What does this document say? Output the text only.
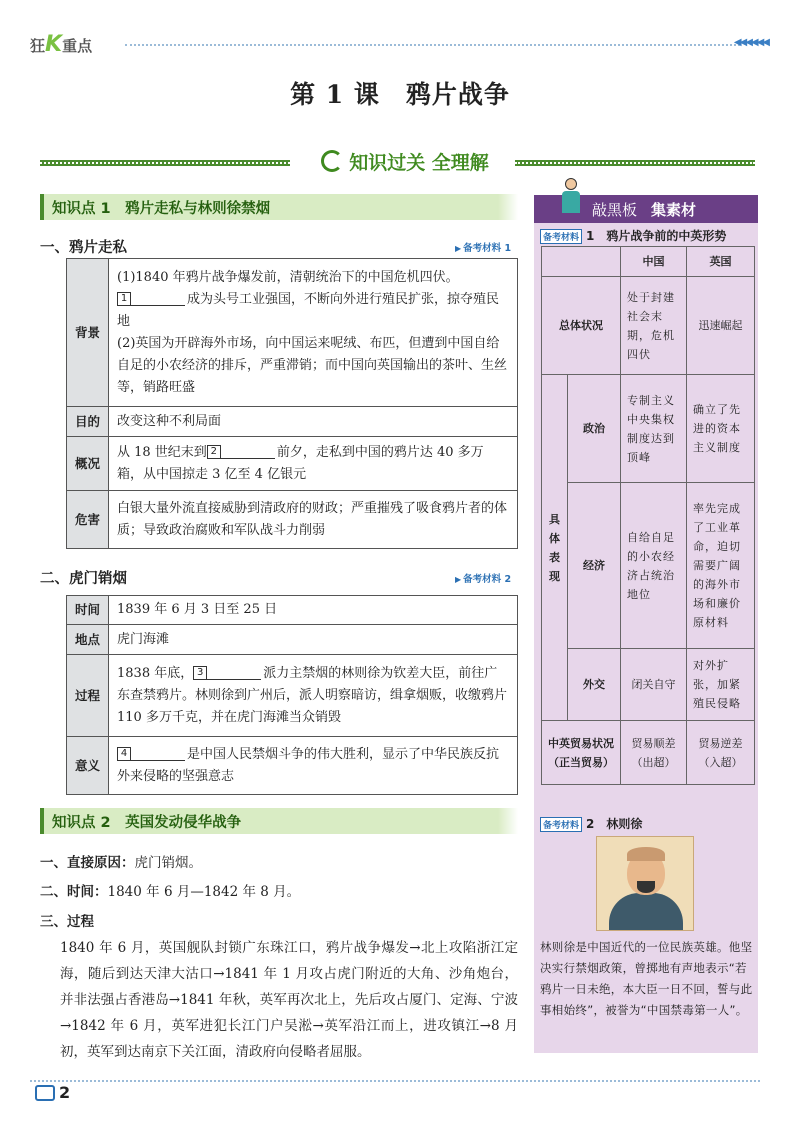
狂K重点	◀◀◀◀◀◀
第 1 课　鸦片战争
知识过关 全理解
知识点 1　鸦片走私与林则徐禁烟
一、鸦片走私	▶ 备考材料 1
背景	(1)1840 年鸦片战争爆发前，清朝统治下的中国危机四伏。
1 成为头号工业强国，不断向外进行殖民扩张，掠夺殖民地
(2)英国为开辟海外市场，向中国运来呢绒、布匹，但遭到中国自给自足的小农经济的排斥，严重滞销；而中国向英国输出的茶叶、生丝等，销路旺盛

目的	改变这种不利局面
概况	从 18 世纪末到 2 前夕，走私到中国的鸦片达 40 多万箱，从中国掠走 3 亿至 4 亿银元
危害	白银大量外流直接威胁到清政府的财政；严重摧残了吸食鸦片者的体质；导致政治腐败和军队战斗力削弱
二、虎门销烟	▶ 备考材料 2
时间	1839 年 6 月 3 日至 25 日
地点	虎门海滩
过程	1838 年底， 3 派力主禁烟的林则徐为钦差大臣，前往广东查禁鸦片。林则徐到广州后，派人明察暗访，缉拿烟贩，收缴鸦片 110 多万千克，并在虎门海滩当众销毁
意义	4 是中国人民禁烟斗争的伟大胜利，显示了中华民族反抗外来侵略的坚强意志
知识点 2　英国发动侵华战争
一、直接原因：虎门销烟。
二、时间：1840 年 6 月—1842 年 8 月。
三、过程
1840 年 6 月，英国舰队封锁广东珠江口，鸦片战争爆发→北上攻陷浙江定海，随后到达天津大沽口→1841 年 1 月攻占虎门附近的大角、沙角炮台，并非法强占香港岛→1841 年秋，英军再次北上，先后攻占厦门、定海、宁波→1842 年 6 月，英军进犯长江门户吴淞→英军沿江而上，进攻镇江→8 月初，英军到达南京下关江面，清政府向侵略者屈服。
敲黑板 集素材
备考材料 1　 鸦片战争前的中英形势
		中国	英国
总体状况		处于封建社会末期，危机四伏	迅速崛起
具体表现	政治	专制主义中央集权制度达到顶峰	确立了先进的资本主义制度
	经济	自给自足的小农经济占统治地位	率先完成了工业革命，迫切需要广阔的海外市场和廉价原材料
	外交	闭关自守	对外扩张，加紧殖民侵略
中英贸易状况（正当贸易）		贸易顺差（出超）	贸易逆差（入超）
备考材料 2　 林则徐
林则徐是中国近代的一位民族英雄。他坚决实行禁烟政策，曾掷地有声地表示“若鸦片一日未绝，本大臣一日不回，誓与此事相始终”，被誉为“中国禁毒第一人”。
2
